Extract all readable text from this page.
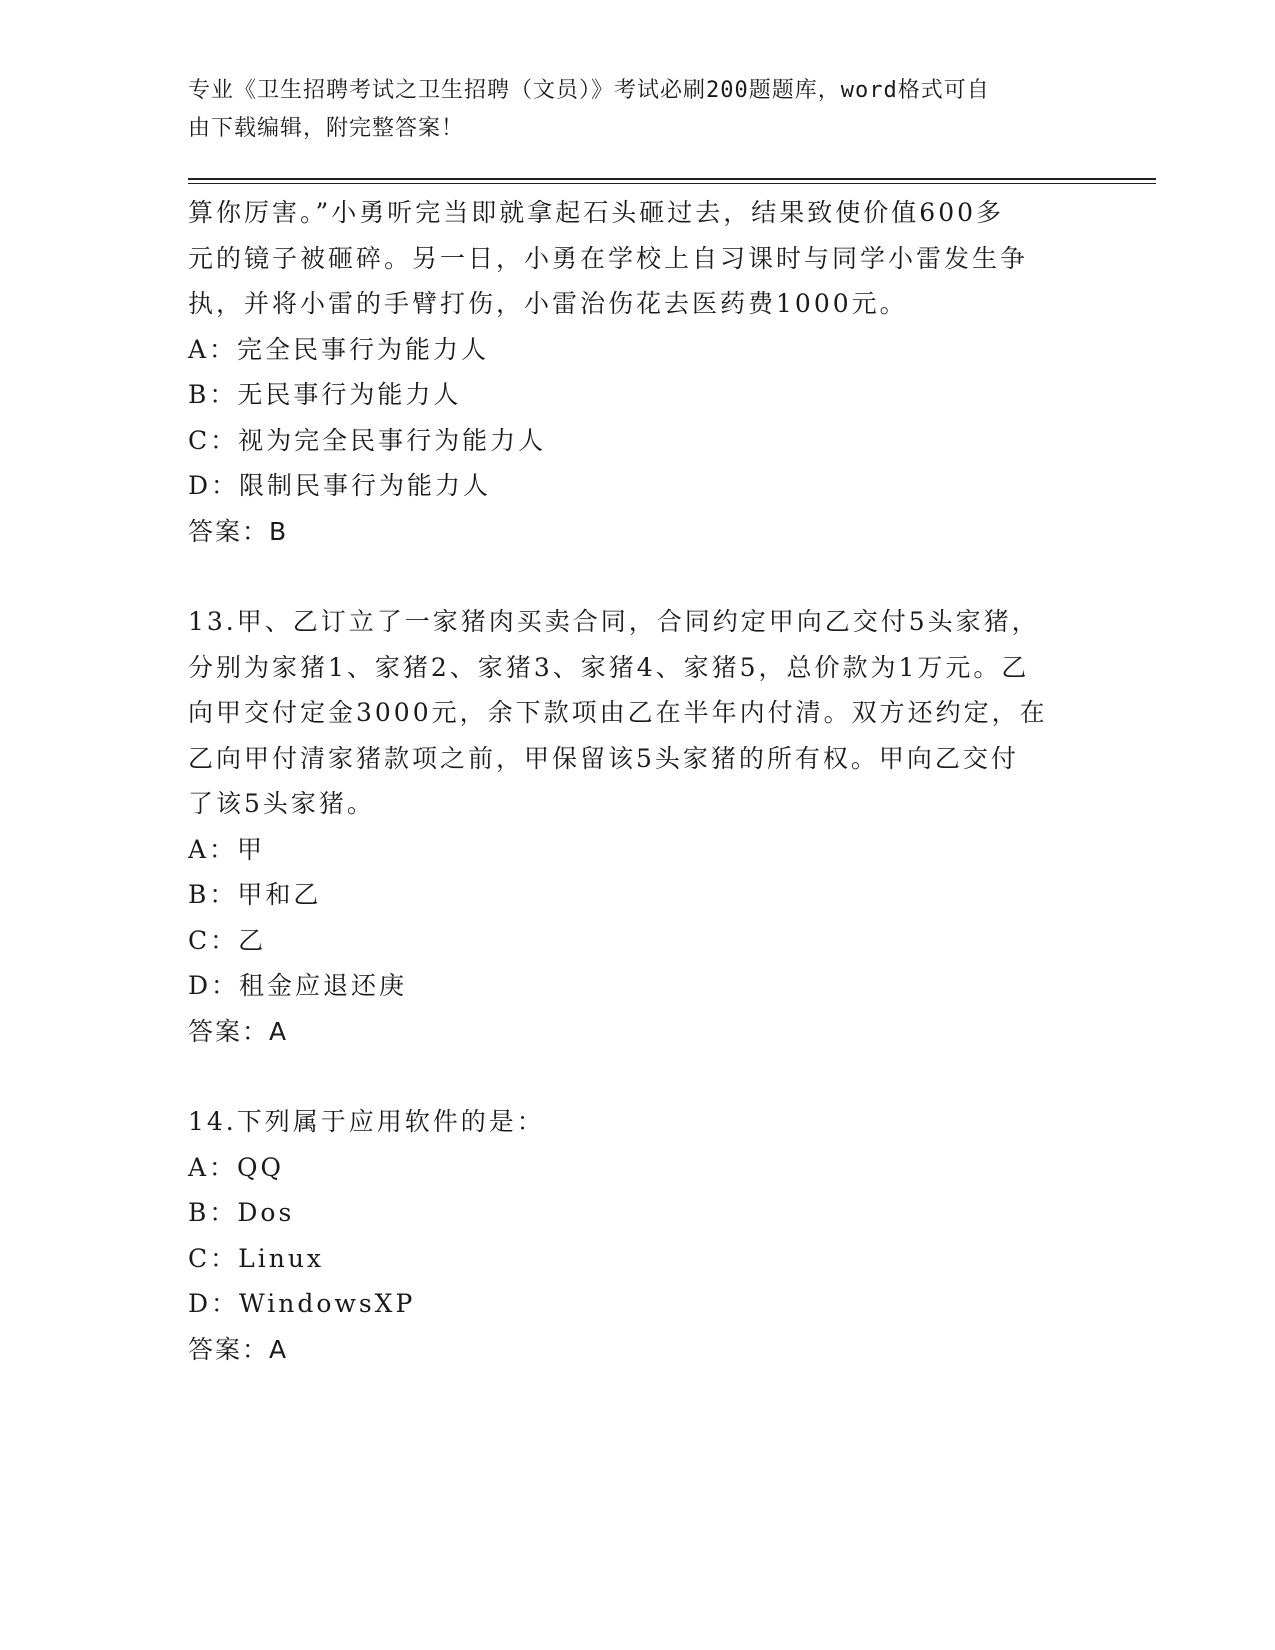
专业《卫生招聘考试之卫生招聘（文员）》考试必刷200题题库，word格式可自
由下载编辑，附完整答案！
算你厉害。”小勇听完当即就拿起石头砸过去，结果致使价值600多
元的镜子被砸碎。另一日，小勇在学校上自习课时与同学小雷发生争
执，并将小雷的手臂打伤，小雷治伤花去医药费1000元。
A：完全民事行为能力人
B：无民事行为能力人
C：视为完全民事行为能力人
D：限制民事行为能力人
答案：B
13.甲、乙订立了一家猪肉买卖合同，合同约定甲向乙交付5头家猪，
分别为家猪1、家猪2、家猪3、家猪4、家猪5，总价款为1万元。乙
向甲交付定金3000元，余下款项由乙在半年内付清。双方还约定，在
乙向甲付清家猪款项之前，甲保留该5头家猪的所有权。甲向乙交付
了该5头家猪。
A：甲
B：甲和乙
C：乙
D：租金应退还庚
答案：A
14.下列属于应用软件的是：
A：QQ
B：Dos
C：Linux
D：WindowsXP
答案：A
